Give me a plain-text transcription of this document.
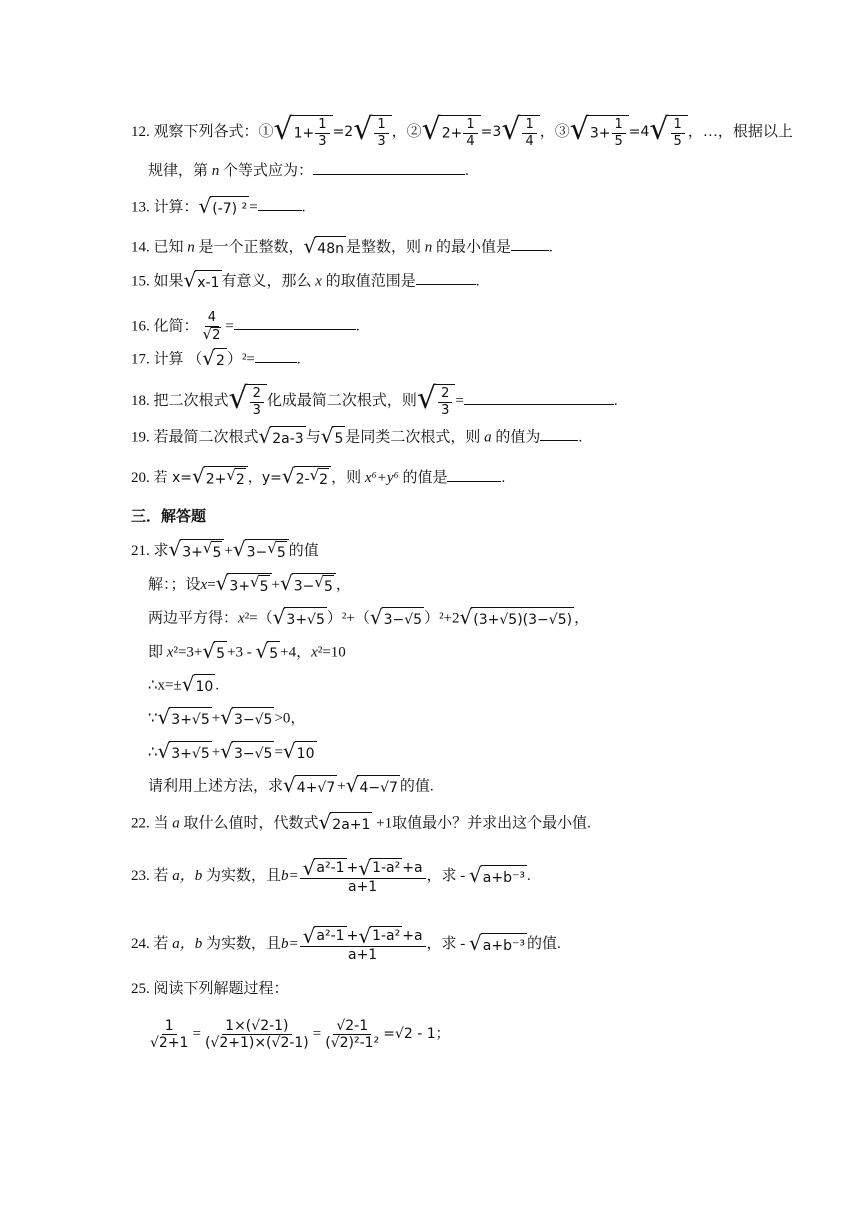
12. 观察下列各式：① √ $1+ \frac{1}{3} =2$ √ $\frac{1}{3}$ ，② √ $2+ \frac{1}{4} =3$ √ $\frac{1}{4}$ ，③ √ $3+ \frac{1}{5} =4$ √ $\frac{1}{5}$ ，…，根据以上
规律，第 n 个等式应为：	.
13. 计算： √ (-7) ² =	.
14. 已知 n 是一个正整数， √ 48n 是整数，则 n 的最小值是	.
15. 如果 √ x-1 有意义，那么 x 的取值范围是	.
16. 化简： $\frac{4}{√ 2}$ =	.
17. 计算 （ √ 2 ）²=	.
18. 把二次根式 √ $\frac{2}{3}$ 化成最简二次根式，则 √ $\frac{2}{3}$ =	.
19. 若最简二次根式 √ 2a-3 与 √ 5 是同类二次根式，则 a 的值为	.
20. 若 x= √ 2+ √ 2 ，y= √ 2- √ 2 ，则 x⁶+y⁶ 的值是	.
三．解答题
21. 求 √ 3+ √ 5 + √ 3− √ 5 的值
解：；设x= √ 3+ √ 5 + √ 3− √ 5 ，
两边平方得：x²=（ √ 3+√5 ）²+（ √ 3−√5 ）²+2 √ (3+√5)(3−√5) ，
即 x²=3+ √ 5 +3 - √ 5 +4，x²=10
∴x=± √ 10 .
∵ √ 3+√5 + √ 3−√5 >0，
∴ √ 3+√5 + √ 3−√5 = √ 10
请利用上述方法，求 √ 4+√7 + √ 4−√7 的值.
22. 当 a 取什么值时，代数式 √ 2a+1 +1取值最小？并求出这个最小值.
23. 若 a，b 为实数，且$b= \frac{\text{√ a²-1 + √ 1-a² +a}}{a+1}$ ，求 - √ a+b⁻³ .
24. 若 a，b 为实数，且$b= \frac{\text{√ a²-1 + √ 1-a² +a}}{a+1}$ ，求 - √ a+b⁻³ 的值.
25. 阅读下列解题过程：
$\frac{1}{√2+1} = \frac{1\times(√2-1)}{(√2+1)\times(√2-1)} = \frac{√2-1}{\text{(√2)²-1²}} =√2 - 1$；
